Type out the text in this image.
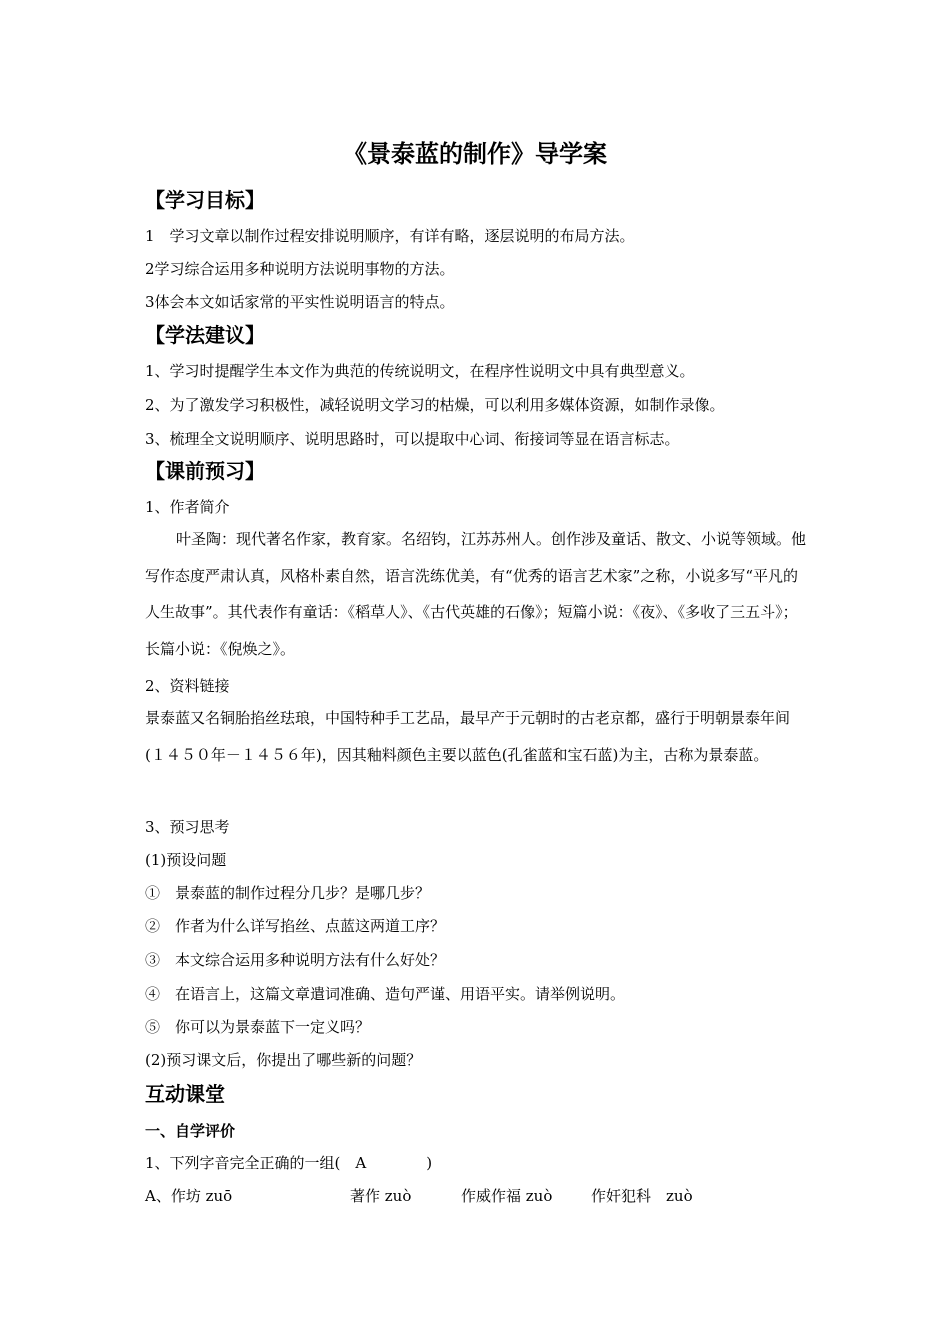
《景泰蓝的制作》导学案
【学习目标】
1　学习文章以制作过程安排说明顺序，有详有略，逐层说明的布局方法。
2学习综合运用多种说明方法说明事物的方法。
3体会本文如话家常的平实性说明语言的特点。
【学法建议】
1、学习时提醒学生本文作为典范的传统说明文，在程序性说明文中具有典型意义。
2、为了激发学习积极性，减轻说明文学习的枯燥，可以利用多媒体资源，如制作录像。
3、梳理全文说明顺序、说明思路时，可以提取中心词、衔接词等显在语言标志。
【课前预习】
1、作者简介
叶圣陶：现代著名作家，教育家。名绍钧，江苏苏州人。创作涉及童话、散文、小说等领域。他写作态度严肃认真，风格朴素自然，语言洗练优美，有“优秀的语言艺术家”之称，小说多写“平凡的人生故事”。其代表作有童话：《稻草人》、《古代英雄的石像》；短篇小说：《夜》、《多收了三五斗》；长篇小说：《倪焕之》。
2、资料链接
景泰蓝又名铜胎掐丝珐琅，中国特种手工艺品，最早产于元朝时的古老京都，盛行于明朝景泰年间(１４５０年－１４５６年)，因其釉料颜色主要以蓝色(孔雀蓝和宝石蓝)为主，古称为景泰蓝。
3、预习思考
(1)预设问题
①　景泰蓝的制作过程分几步？是哪几步？
②　作者为什么详写掐丝、点蓝这两道工序？
③　本文综合运用多种说明方法有什么好处？
④　在语言上，这篇文章遣词准确、造句严谨、用语平实。请举例说明。
⑤　你可以为景泰蓝下一定义吗？
(2)预习课文后，你提出了哪些新的问题？
互动课堂
一、自学评价
1、下列字音完全正确的一组(　A　　　　)
A、作坊 zuō	著作 zuò	作威作福 zuò	作奸犯科　zuò
